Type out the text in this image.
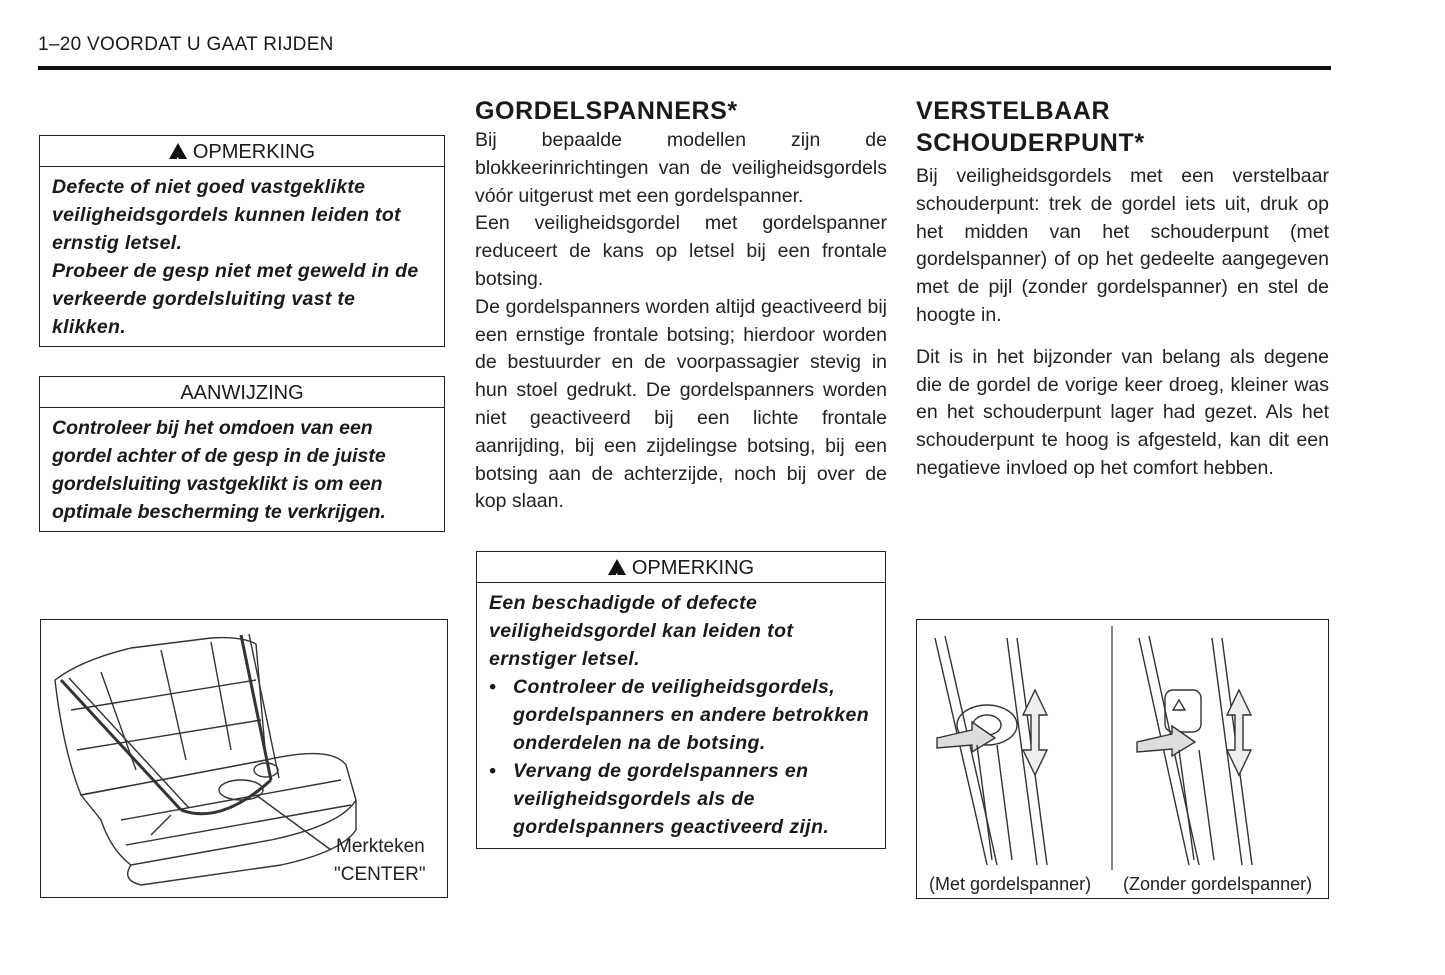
1–20 VOORDAT U GAAT RIJDEN
! OPMERKING

Defecte of niet goed vastgeklikte veiligheidsgordels kunnen leiden tot ernstig letsel.

Probeer de gesp niet met geweld in de verkeerde gordelsluiting vast te klikken.

AANWIJZING

Controleer bij het omdoen van een gordel achter of de gesp in de juiste gordelsluiting vastgeklikt is om een optimale bescherming te verkrijgen.

Merkteken
"CENTER"
GORDELSPANNERS*

Bij bepaalde modellen zijn de blokkeerinrichtingen van de veiligheidsgordels vóór uitgerust met een gordelspanner.

Een veiligheidsgordel met gordelspanner reduceert de kans op letsel bij een frontale botsing.

De gordelspanners worden altijd geactiveerd bij een ernstige frontale botsing; hierdoor worden de bestuurder en de voorpassagier stevig in hun stoel gedrukt. De gordelspanners worden niet geactiveerd bij een lichte frontale aanrijding, bij een zijdelingse botsing, bij een botsing aan de achterzijde, noch bij over de kop slaan.

! OPMERKING

Een beschadigde of defecte veiligheidsgordel kan leiden tot ernstiger letsel.

• Controleer de veiligheidsgordels, gordelspanners en andere betrokken onderdelen na de botsing.
• Vervang de gordelspanners en veiligheidsgordels als de gordelspanners geactiveerd zijn.
VERSTELBAAR
SCHOUDERPUNT*

Bij veiligheidsgordels met een verstelbaar schouderpunt: trek de gordel iets uit, druk op het midden van het schouderpunt (met gordelspanner) of op het gedeelte aangegeven met de pijl (zonder gordelspanner) en stel de hoogte in.

Dit is in het bijzonder van belang als degene die de gordel de vorige keer droeg, kleiner was en het schouderpunt lager had gezet. Als het schouderpunt te hoog is afgesteld, kan dit een negatieve invloed op het comfort hebben.

(Met gordelspanner) (Zonder gordelspanner)
